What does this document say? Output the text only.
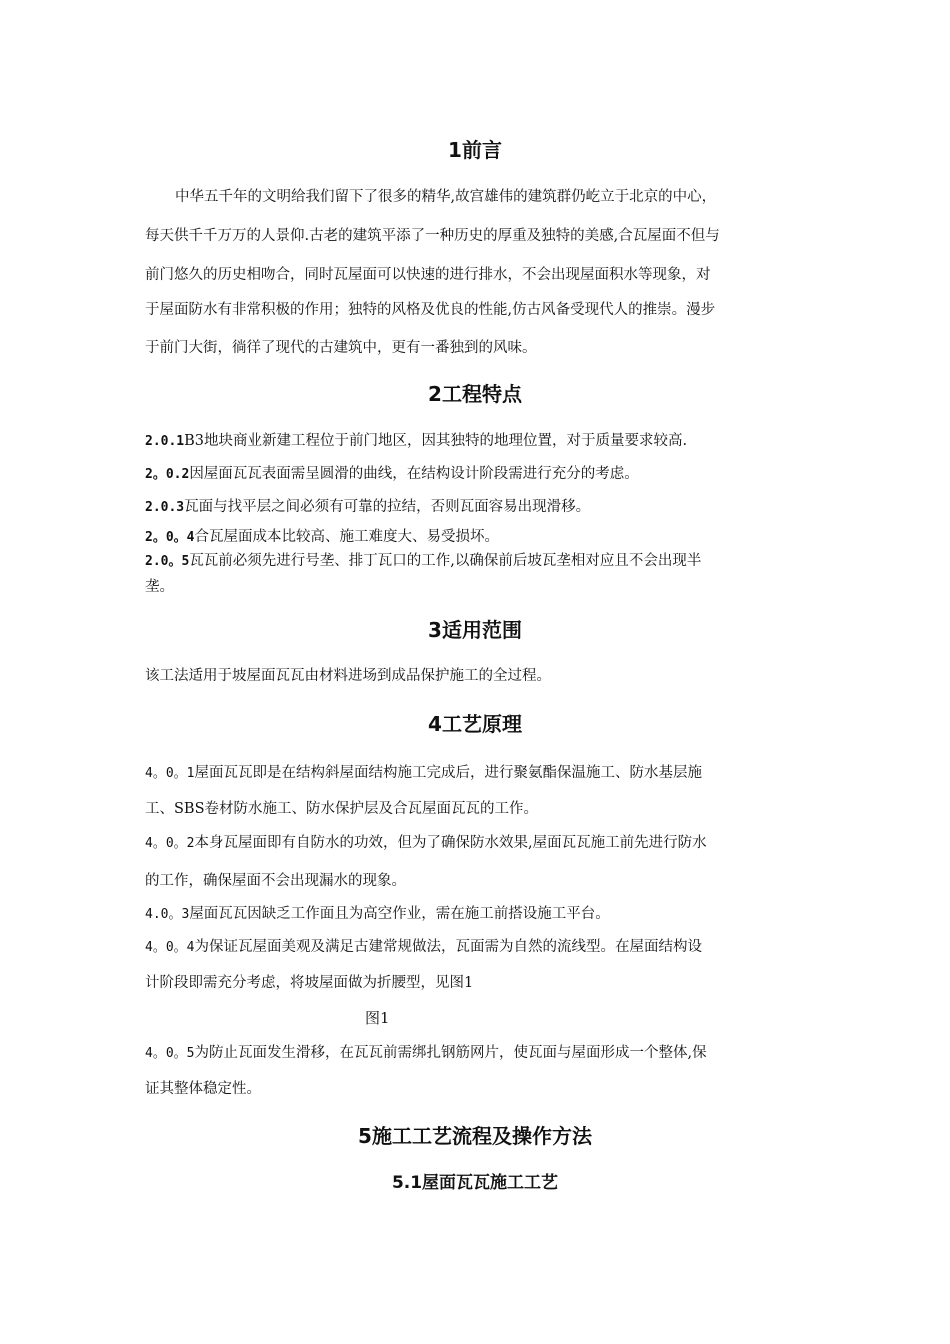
1前言
中华五千年的文明给我们留下了很多的精华,故宫雄伟的建筑群仍屹立于北京的中心，
每天供千千万万的人景仰.古老的建筑平添了一种历史的厚重及独特的美感,合瓦屋面不但与
前门悠久的历史相吻合，同时瓦屋面可以快速的进行排水，不会出现屋面积水等现象，对
于屋面防水有非常积极的作用；独特的风格及优良的性能,仿古风备受现代人的推崇。漫步
于前门大街，徜徉了现代的古建筑中，更有一番独到的风味。
2工程特点
2.0.1B3地块商业新建工程位于前门地区，因其独特的地理位置，对于质量要求较高.
2。0.2因屋面瓦瓦表面需呈圆滑的曲线，在结构设计阶段需进行充分的考虑。
2.0.3瓦面与找平层之间必须有可靠的拉结，否则瓦面容易出现滑移。
2。0。4合瓦屋面成本比较高、施工难度大、易受损坏。
2.0。5瓦瓦前必须先进行号垄、排丁瓦口的工作,以确保前后坡瓦垄相对应且不会出现半
垄。
3适用范围
该工法适用于坡屋面瓦瓦由材料进场到成品保护施工的全过程。
4工艺原理
4。0。1屋面瓦瓦即是在结构斜屋面结构施工完成后，进行聚氨酯保温施工、防水基层施
工、SBS卷材防水施工、防水保护层及合瓦屋面瓦瓦的工作。
4。0。2本身瓦屋面即有自防水的功效，但为了确保防水效果,屋面瓦瓦施工前先进行防水
的工作，确保屋面不会出现漏水的现象。
4.0。3屋面瓦瓦因缺乏工作面且为高空作业，需在施工前搭设施工平台。
4。0。4为保证瓦屋面美观及满足古建常规做法，瓦面需为自然的流线型。在屋面结构设
计阶段即需充分考虑，将坡屋面做为折腰型，见图1
图1
4。0。5为防止瓦面发生滑移，在瓦瓦前需绑扎钢筋网片，使瓦面与屋面形成一个整体,保
证其整体稳定性。
5施工工艺流程及操作方法
5.1屋面瓦瓦施工工艺
